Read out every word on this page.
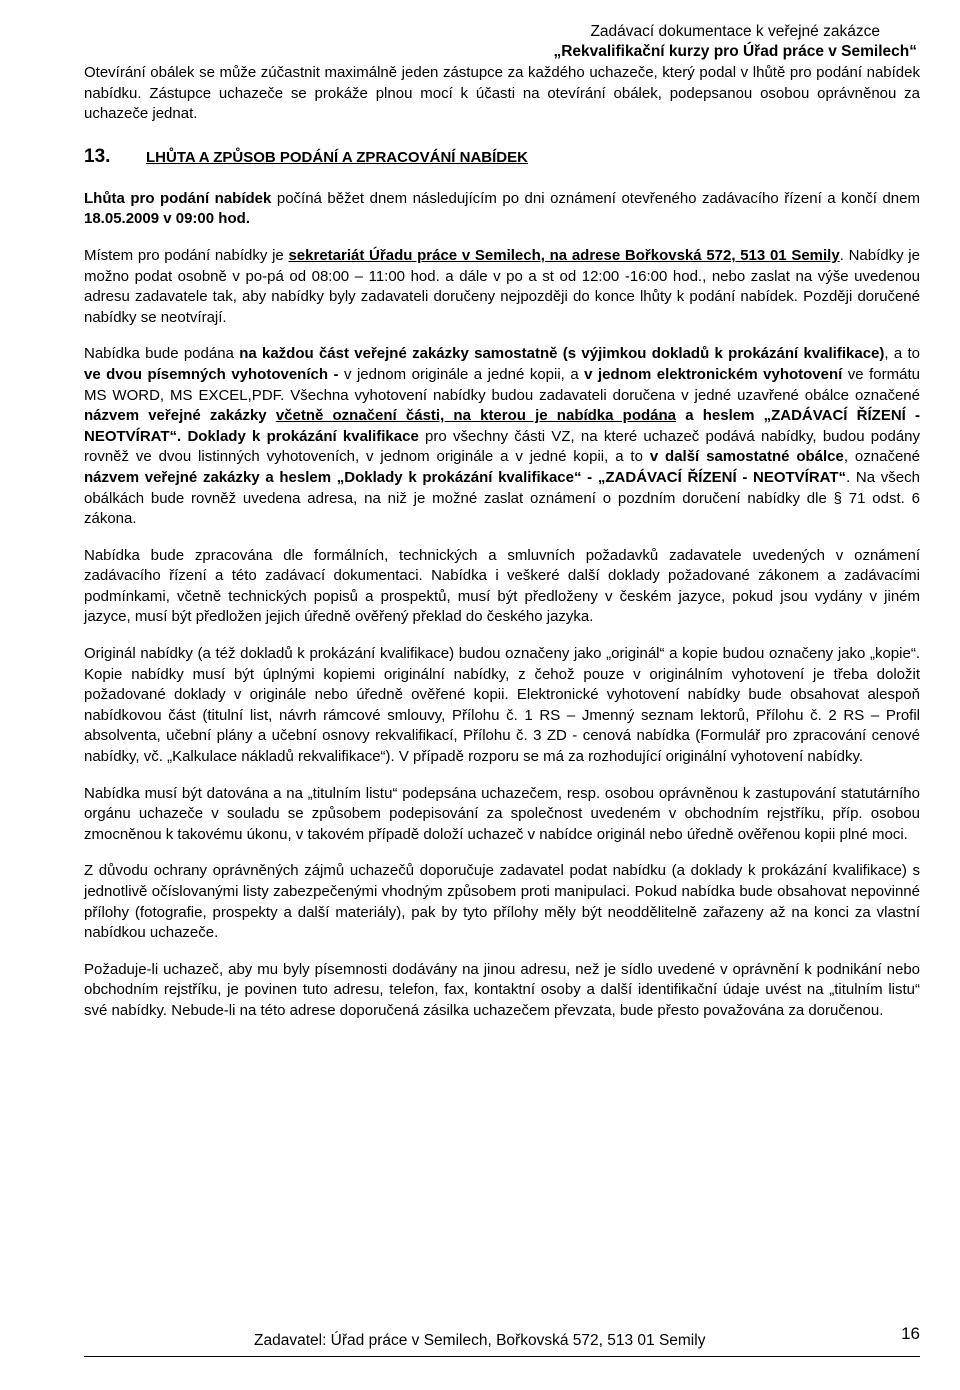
Zadávací dokumentace k veřejné zakázce
„Rekvalifikační kurzy pro Úřad práce v Semilech“

Otevírání obálek se může zúčastnit maximálně jeden zástupce za každého uchazeče, který podal v lhůtě pro podání nabídek nabídku. Zástupce uchazeče se prokáže plnou mocí k účasti na otevírání obálek, podepsanou osobou oprávněnou za uchazeče jednat.

13. LHŮTA A ZPŮSOB PODÁNÍ A ZPRACOVÁNÍ NABÍDEK

Lhůta pro podání nabídek počíná běžet dnem následujícím po dni oznámení otevřeného zadávacího řízení a končí dnem 18.05.2009 v 09:00 hod.

Místem pro podání nabídky je sekretariát Úřadu práce v Semilech, na adrese Bořkovská 572, 513 01 Semily. Nabídky je možno podat osobně v po-pá od 08:00 – 11:00 hod. a dále v po a st od 12:00 -16:00 hod., nebo zaslat na výše uvedenou adresu zadavatele tak, aby nabídky byly zadavateli doručeny nejpozději do konce lhůty k podání nabídek. Později doručené nabídky se neotvírají.

Nabídka bude podána na každou část veřejné zakázky samostatně (s výjimkou dokladů k prokázání kvalifikace), a to ve dvou písemných vyhotoveních - v jednom originále a jedné kopii, a v jednom elektronickém vyhotovení ve formátu MS WORD, MS EXCEL,PDF. Všechna vyhotovení nabídky budou zadavateli doručena v jedné uzavřené obálce označené názvem veřejné zakázky včetně označení části, na kterou je nabídka podána a heslem „ZADÁVACÍ ŘÍZENÍ - NEOTVÍRAT“. Doklady k prokázání kvalifikace pro všechny části VZ, na které uchazeč podává nabídky, budou podány rovněž ve dvou listinných vyhotoveních, v jednom originále a v jedné kopii, a to v další samostatné obálce, označené názvem veřejné zakázky a heslem „Doklady k prokázání kvalifikace“ - „ZADÁVACÍ ŘÍZENÍ - NEOTVÍRAT“. Na všech obálkách bude rovněž uvedena adresa, na niž je možné zaslat oznámení o pozdním doručení nabídky dle § 71 odst. 6 zákona.

Nabídka bude zpracována dle formálních, technických a smluvních požadavků zadavatele uvedených v oznámení zadávacího řízení a této zadávací dokumentaci. Nabídka i veškeré další doklady požadované zákonem a zadávacími podmínkami, včetně technických popisů a prospektů, musí být předloženy v českém jazyce, pokud jsou vydány v jiném jazyce, musí být předložen jejich úředně ověřený překlad do českého jazyka.

Originál nabídky (a též dokladů k prokázání kvalifikace) budou označeny jako „originál“ a kopie budou označeny jako „kopie“. Kopie nabídky musí být úplnými kopiemi originální nabídky, z čehož pouze v originálním vyhotovení je třeba doložit požadované doklady v originále nebo úředně ověřené kopii. Elektronické vyhotovení nabídky bude obsahovat alespoň nabídkovou část (titulní list, návrh rámcové smlouvy, Přílohu č. 1 RS – Jmenný seznam lektorů, Přílohu č. 2 RS – Profil absolventa, učební plány a učební osnovy rekvalifikací, Přílohu č. 3 ZD - cenová nabídka (Formulář pro zpracování cenové nabídky, vč. „Kalkulace nákladů rekvalifikace“). V případě rozporu se má za rozhodující originální vyhotovení nabídky.

Nabídka musí být datována a na „titulním listu“ podepsána uchazečem, resp. osobou oprávněnou k zastupování statutárního orgánu uchazeče v souladu se způsobem podepisování za společnost uvedeném v obchodním rejstříku, příp. osobou zmocněnou k takovému úkonu, v takovém případě doloží uchazeč v nabídce originál nebo úředně ověřenou kopii plné moci.

Z důvodu ochrany oprávněných zájmů uchazečů doporučuje zadavatel podat nabídku (a doklady k prokázání kvalifikace) s jednotlivě očíslovanými listy zabezpečenými vhodným způsobem proti manipulaci. Pokud nabídka bude obsahovat nepovinné přílohy (fotografie, prospekty a další materiály), pak by tyto přílohy měly být neoddělitelně zařazeny až na konci za vlastní nabídkou uchazeče.

Požaduje-li uchazeč, aby mu byly písemnosti dodávány na jinou adresu, než je sídlo uvedené v oprávnění k podnikání nebo obchodním rejstříku, je povinen tuto adresu, telefon, fax, kontaktní osoby a další identifikační údaje uvést na „titulním listu“ své nabídky. Nebude-li na této adrese doporučená zásilka uchazečem převzata, bude přesto považována za doručenou.

Zadavatel: Úřad práce v Semilech, Bořkovská 572, 513 01 Semily	16
